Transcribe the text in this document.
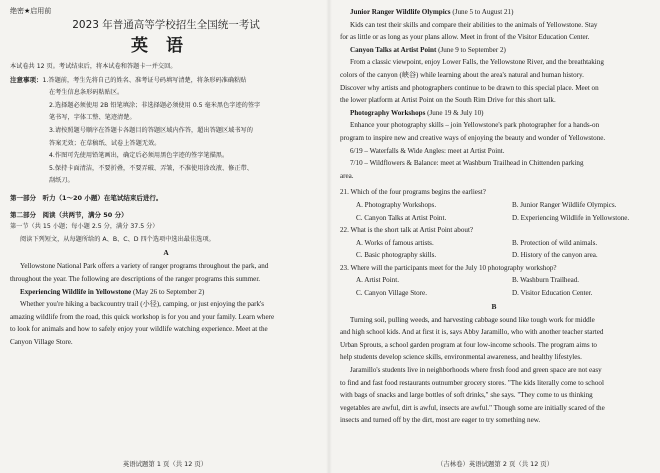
绝密★启用前
2023 年普通高等学校招生全国统一考试
英语
本试卷共 12 页。考试结束后，将本试卷和答题卡一并交回。
注意事项：1.答题前，考生先将自己的姓名、准考证号码填写清楚，将条形码准确粘贴
在考生信息条形码粘贴区。
2.选择题必须使用 2B 铅笔填涂；非选择题必须使用 0.5 毫米黑色字迹的签字
笔书写，字体工整、笔迹清楚。
3.请按照题号顺序在答题卡各题目的答题区域内作答，超出答题区域书写的
答案无效；在草稿纸、试卷上答题无效。
4.作图可先使用铅笔画出，确定后必须用黑色字迹的签字笔描黑。
5.保持卡面清洁，不要折叠，不要弄破、弄皱，不准使用涂改液、修正带、
刮纸刀。
第一部分　听力（1～20 小题）在笔试结束后进行。
第二部分　阅读（共两节，满分 50 分）
第一节（共 15 小题；每小题 2.5 分，满分 37.5 分）
阅读下列短文，从每题所给的 A、B、C、D 四个选项中选出最佳选项。
A
Yellowstone National Park offers a variety of ranger programs throughout the park, and
throughout the year. The following are descriptions of the ranger programs this summer.
Experiencing Wildlife in Yellowstone (May 26 to September 2)
Whether you're hiking a backcountry trail (小径), camping, or just enjoying the park's
amazing wildlife from the road, this quick workshop is for you and your family. Learn where
to look for animals and how to safely enjoy your wildlife watching experience. Meet at the
Canyon Village Store.
英语试题第 1 页（共 12 页）
Junior Ranger Wildlife Olympics (June 5 to August 21)
Kids can test their skills and compare their abilities to the animals of Yellowstone. Stay
for as little or as long as your plans allow. Meet in front of the Visitor Education Center.
Canyon Talks at Artist Point (June 9 to September 2)
From a classic viewpoint, enjoy Lower Falls, the Yellowstone River, and the breathtaking
colors of the canyon (峡谷) while learning about the area's natural and human history.
Discover why artists and photographers continue to be drawn to this special place. Meet on
the lower platform at Artist Point on the South Rim Drive for this short talk.
Photography Workshops (June 19 & July 10)
Enhance your photography skills – join Yellowstone's park photographer for a hands-on
program to inspire new and creative ways of enjoying the beauty and wonder of Yellowstone.
6/19 – Waterfalls & Wide Angles: meet at Artist Point.
7/10 – Wildflowers & Balance: meet at Washburn Trailhead in Chittenden parking
area.
21. Which of the four programs begins the earliest?
A. Photography Workshops.	B. Junior Ranger Wildlife Olympics.
C. Canyon Talks at Artist Point.	D. Experiencing Wildlife in Yellowstone.
22. What is the short talk at Artist Point about?
A. Works of famous artists.	B. Protection of wild animals.
C. Basic photography skills.	D. History of the canyon area.
23. Where will the participants meet for the July 10 photography workshop?
A. Artist Point.	B. Washburn Trailhead.
C. Canyon Village Store.	D. Visitor Education Center.
B
Turning soil, pulling weeds, and harvesting cabbage sound like tough work for middle
and high school kids. And at first it is, says Abby Jaramillo, who with another teacher started
Urban Sprouts, a school garden program at four low-income schools. The program aims to
help students develop science skills, environmental awareness, and healthy lifestyles.
Jaramillo's students live in neighborhoods where fresh food and green space are not easy
to find and fast food restaurants outnumber grocery stores. "The kids literally come to school
with bags of snacks and large bottles of soft drinks," she says. "They come to us thinking
vegetables are awful, dirt is awful, insects are awful." Though some are initially scared of the
insects and turned off by the dirt, most are eager to try something new.
（吉林卷）英语试题第 2 页（共 12 页）
